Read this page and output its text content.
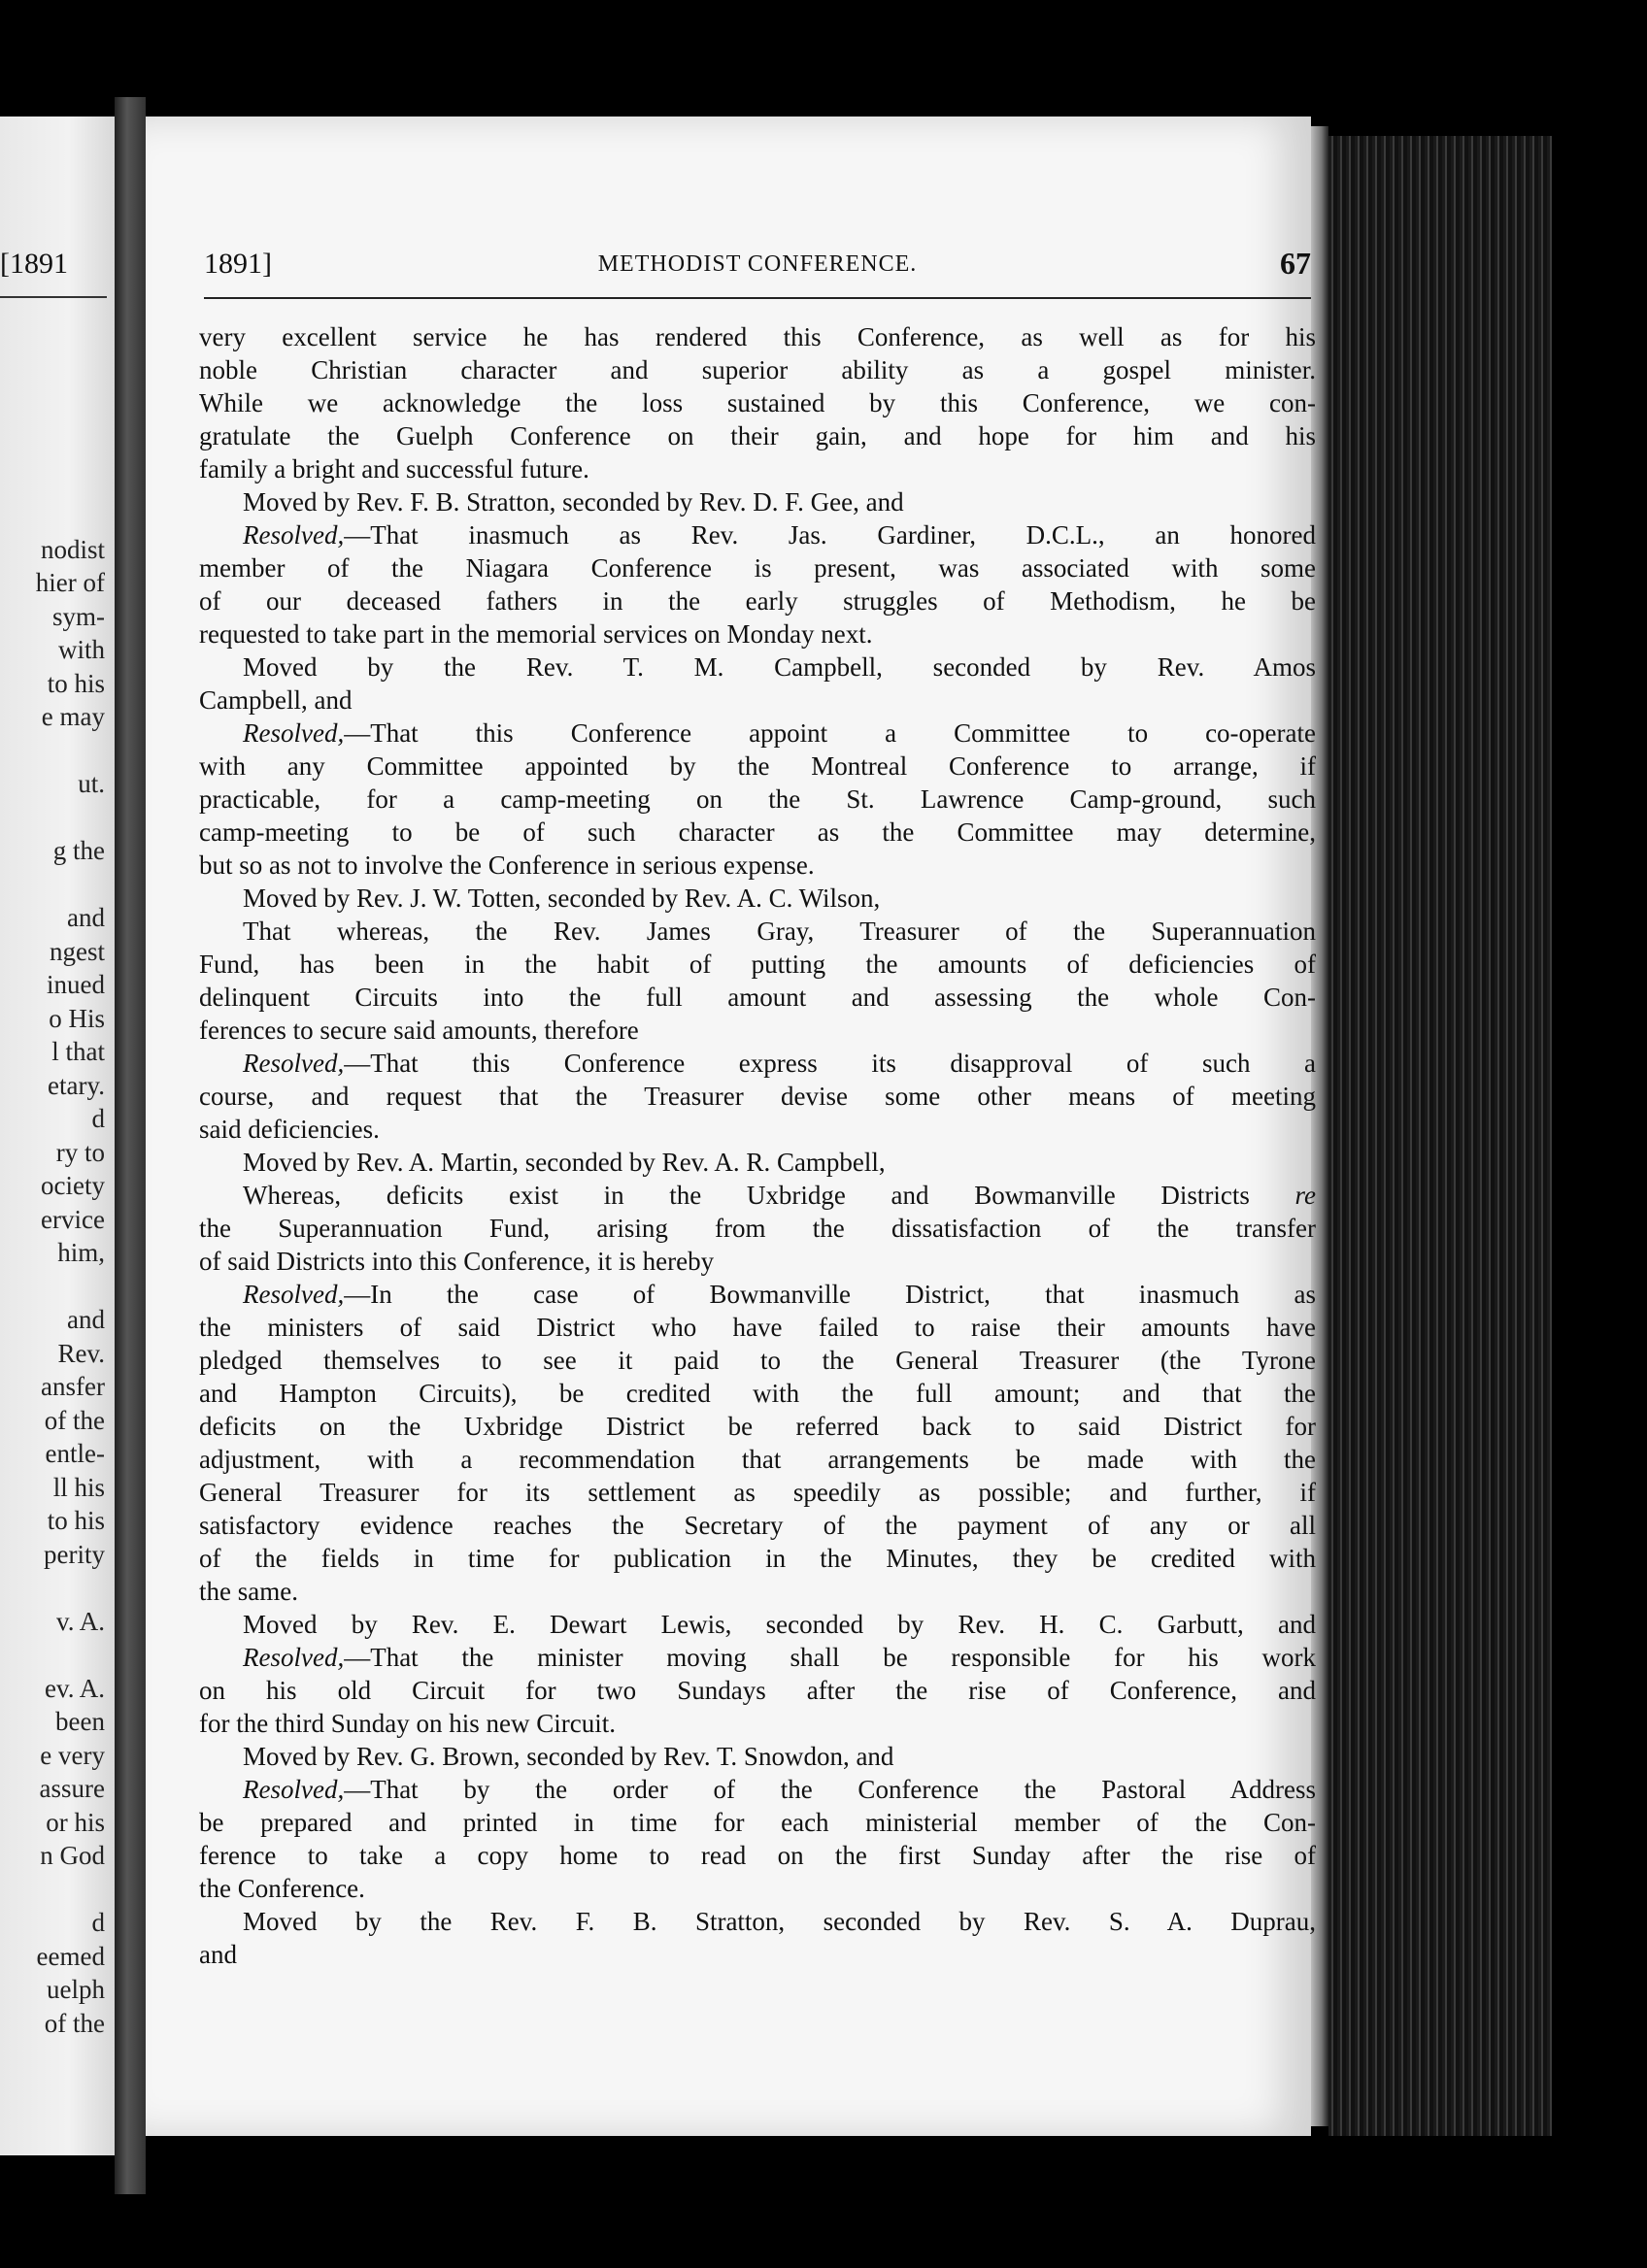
[1891
nodist
hier of
sym-
with
to his
e may
ut.
g the
and
ngest
inued
o His
l that
etary.
d
ry to
ociety
ervice
him,
and
Rev.
ansfer
of the
entle-
ll his
to his
perity
v. A.
ev. A.
been
e very
assure
or his
n God
d
eemed
uelph
of the
1891]	METHODIST CONFERENCE.	67
very excellent service he has rendered this Conference, as well as for his
noble Christian character and superior ability as a gospel minister.
While we acknowledge the loss sustained by this Conference, we con-
gratulate the Guelph Conference on their gain, and hope for him and his
family a bright and successful future.
Moved by Rev. F. B. Stratton, seconded by Rev. D. F. Gee, and
Resolved,—That inasmuch as Rev. Jas. Gardiner, D.C.L., an honored
member of the Niagara Conference is present, was associated with some
of our deceased fathers in the early struggles of Methodism, he be
requested to take part in the memorial services on Monday next.
Moved by the Rev. T. M. Campbell, seconded by Rev. Amos
Campbell, and
Resolved,—That this Conference appoint a Committee to co-operate
with any Committee appointed by the Montreal Conference to arrange, if
practicable, for a camp-meeting on the St. Lawrence Camp-ground, such
camp-meeting to be of such character as the Committee may determine,
but so as not to involve the Conference in serious expense.
Moved by Rev. J. W. Totten, seconded by Rev. A. C. Wilson,
That whereas, the Rev. James Gray, Treasurer of the Superannuation
Fund, has been in the habit of putting the amounts of deficiencies of
delinquent Circuits into the full amount and assessing the whole Con-
ferences to secure said amounts, therefore
Resolved,—That this Conference express its disapproval of such a
course, and request that the Treasurer devise some other means of meeting
said deficiencies.
Moved by Rev. A. Martin, seconded by Rev. A. R. Campbell,
Whereas, deficits exist in the Uxbridge and Bowmanville Districts re
the Superannuation Fund, arising from the dissatisfaction of the transfer
of said Districts into this Conference, it is hereby
Resolved,—In the case of Bowmanville District, that inasmuch as
the ministers of said District who have failed to raise their amounts have
pledged themselves to see it paid to the General Treasurer (the Tyrone
and Hampton Circuits), be credited with the full amount; and that the
deficits on the Uxbridge District be referred back to said District for
adjustment, with a recommendation that arrangements be made with the
General Treasurer for its settlement as speedily as possible; and further, if
satisfactory evidence reaches the Secretary of the payment of any or all
of the fields in time for publication in the Minutes, they be credited with
the same.
Moved by Rev. E. Dewart Lewis, seconded by Rev. H. C. Garbutt, and
Resolved,—That the minister moving shall be responsible for his work
on his old Circuit for two Sundays after the rise of Conference, and
for the third Sunday on his new Circuit.
Moved by Rev. G. Brown, seconded by Rev. T. Snowdon, and
Resolved,—That by the order of the Conference the Pastoral Address
be prepared and printed in time for each ministerial member of the Con-
ference to take a copy home to read on the first Sunday after the rise of
the Conference.
Moved by the Rev. F. B. Stratton, seconded by Rev. S. A. Duprau,
and
